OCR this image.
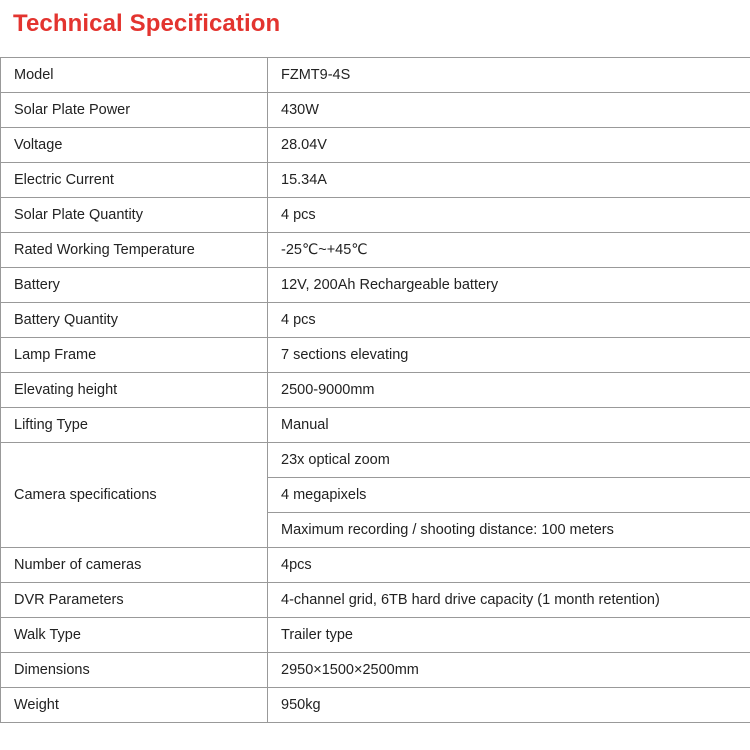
Technical Specification
Model	FZMT9-4S
Solar Plate Power	430W
Voltage	28.04V
Electric Current	15.34A
Solar Plate Quantity	4 pcs
Rated Working Temperature	-25℃~+45℃
Battery	12V, 200Ah Rechargeable battery
Battery Quantity	4 pcs
Lamp Frame	7 sections elevating
Elevating height	2500-9000mm
Lifting Type	Manual
Camera specifications	23x optical zoom
	4 megapixels
	Maximum recording / shooting distance: 100 meters
Number of cameras	4pcs
DVR Parameters	4-channel grid, 6TB hard drive capacity (1 month retention)
Walk Type	Trailer type
Dimensions	2950×1500×2500mm
Weight	950kg
